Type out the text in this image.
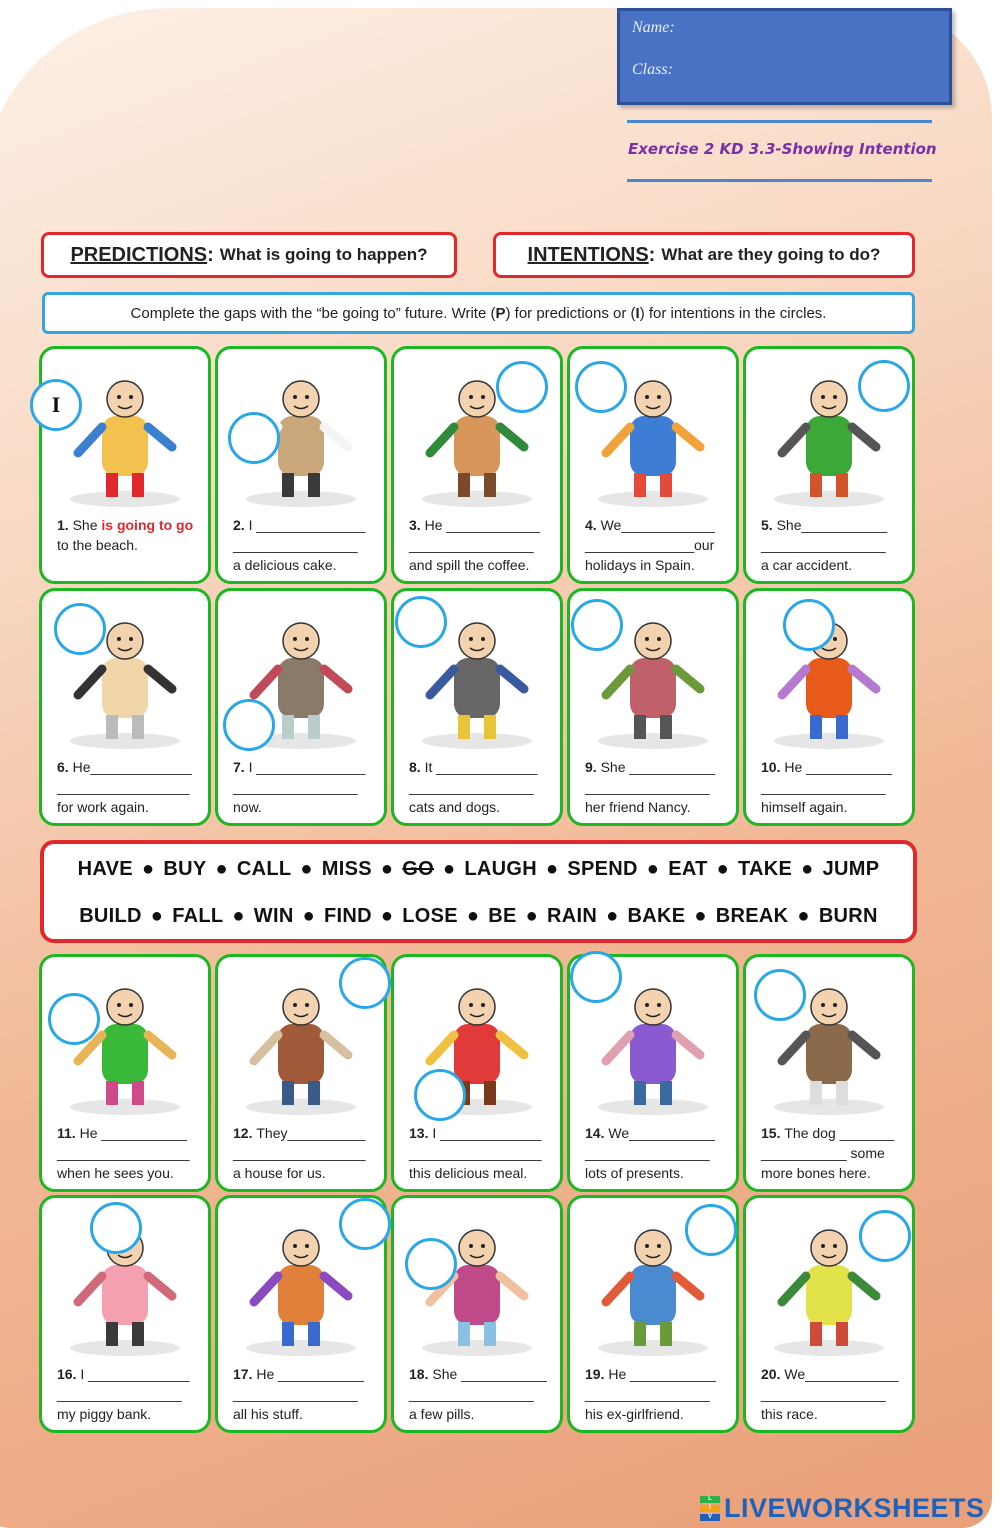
Name:
Class:
Exercise 2 KD 3.3-Showing Intention
PREDICTIONS : What is going to happen?	INTENTIONS : What are they going to do?
Complete the gaps with the “be going to” future. Write ( P ) for predictions or ( I ) for intentions in the circles.
I
1. She is going to go
to the beach.
2. I ______________
________________
a delicious cake.
3. He ____________
________________
and spill the coffee.
4. We____________
______________our
holidays in Spain.
5. She___________
________________
a car accident.
6. He_____________
_________________
for work again.
7. I ______________
________________
now.
8. It _____________
________________
cats and dogs.
9. She ___________
________________
her friend Nancy.
10. He ___________
________________
himself again.
11. He ___________
_________________
when he sees you.
12. They__________
_________________
a house for us.
13. I _____________
_________________
this delicious meal.
14. We___________
________________
lots of presents.
15. The dog _______
___________ some
more bones here.
16. I _____________
________________
my piggy bank.
17. He ___________
________________
all his stuff.
18. She ___________
________________
a few pills.
19. He ___________
________________
his ex-girlfriend.
20. We____________
________________
this race.
HAVE ● BUY ● CALL ● MISS ● GO ● LAUGH ● SPEND ● EAT ● TAKE ● JUMP
BUILD ● FALL ● WIN ● FIND ● LOSE ● BE ● RAIN ● BAKE ● BREAK ● BURN
L
I
V LIVEWORKSHEETS
